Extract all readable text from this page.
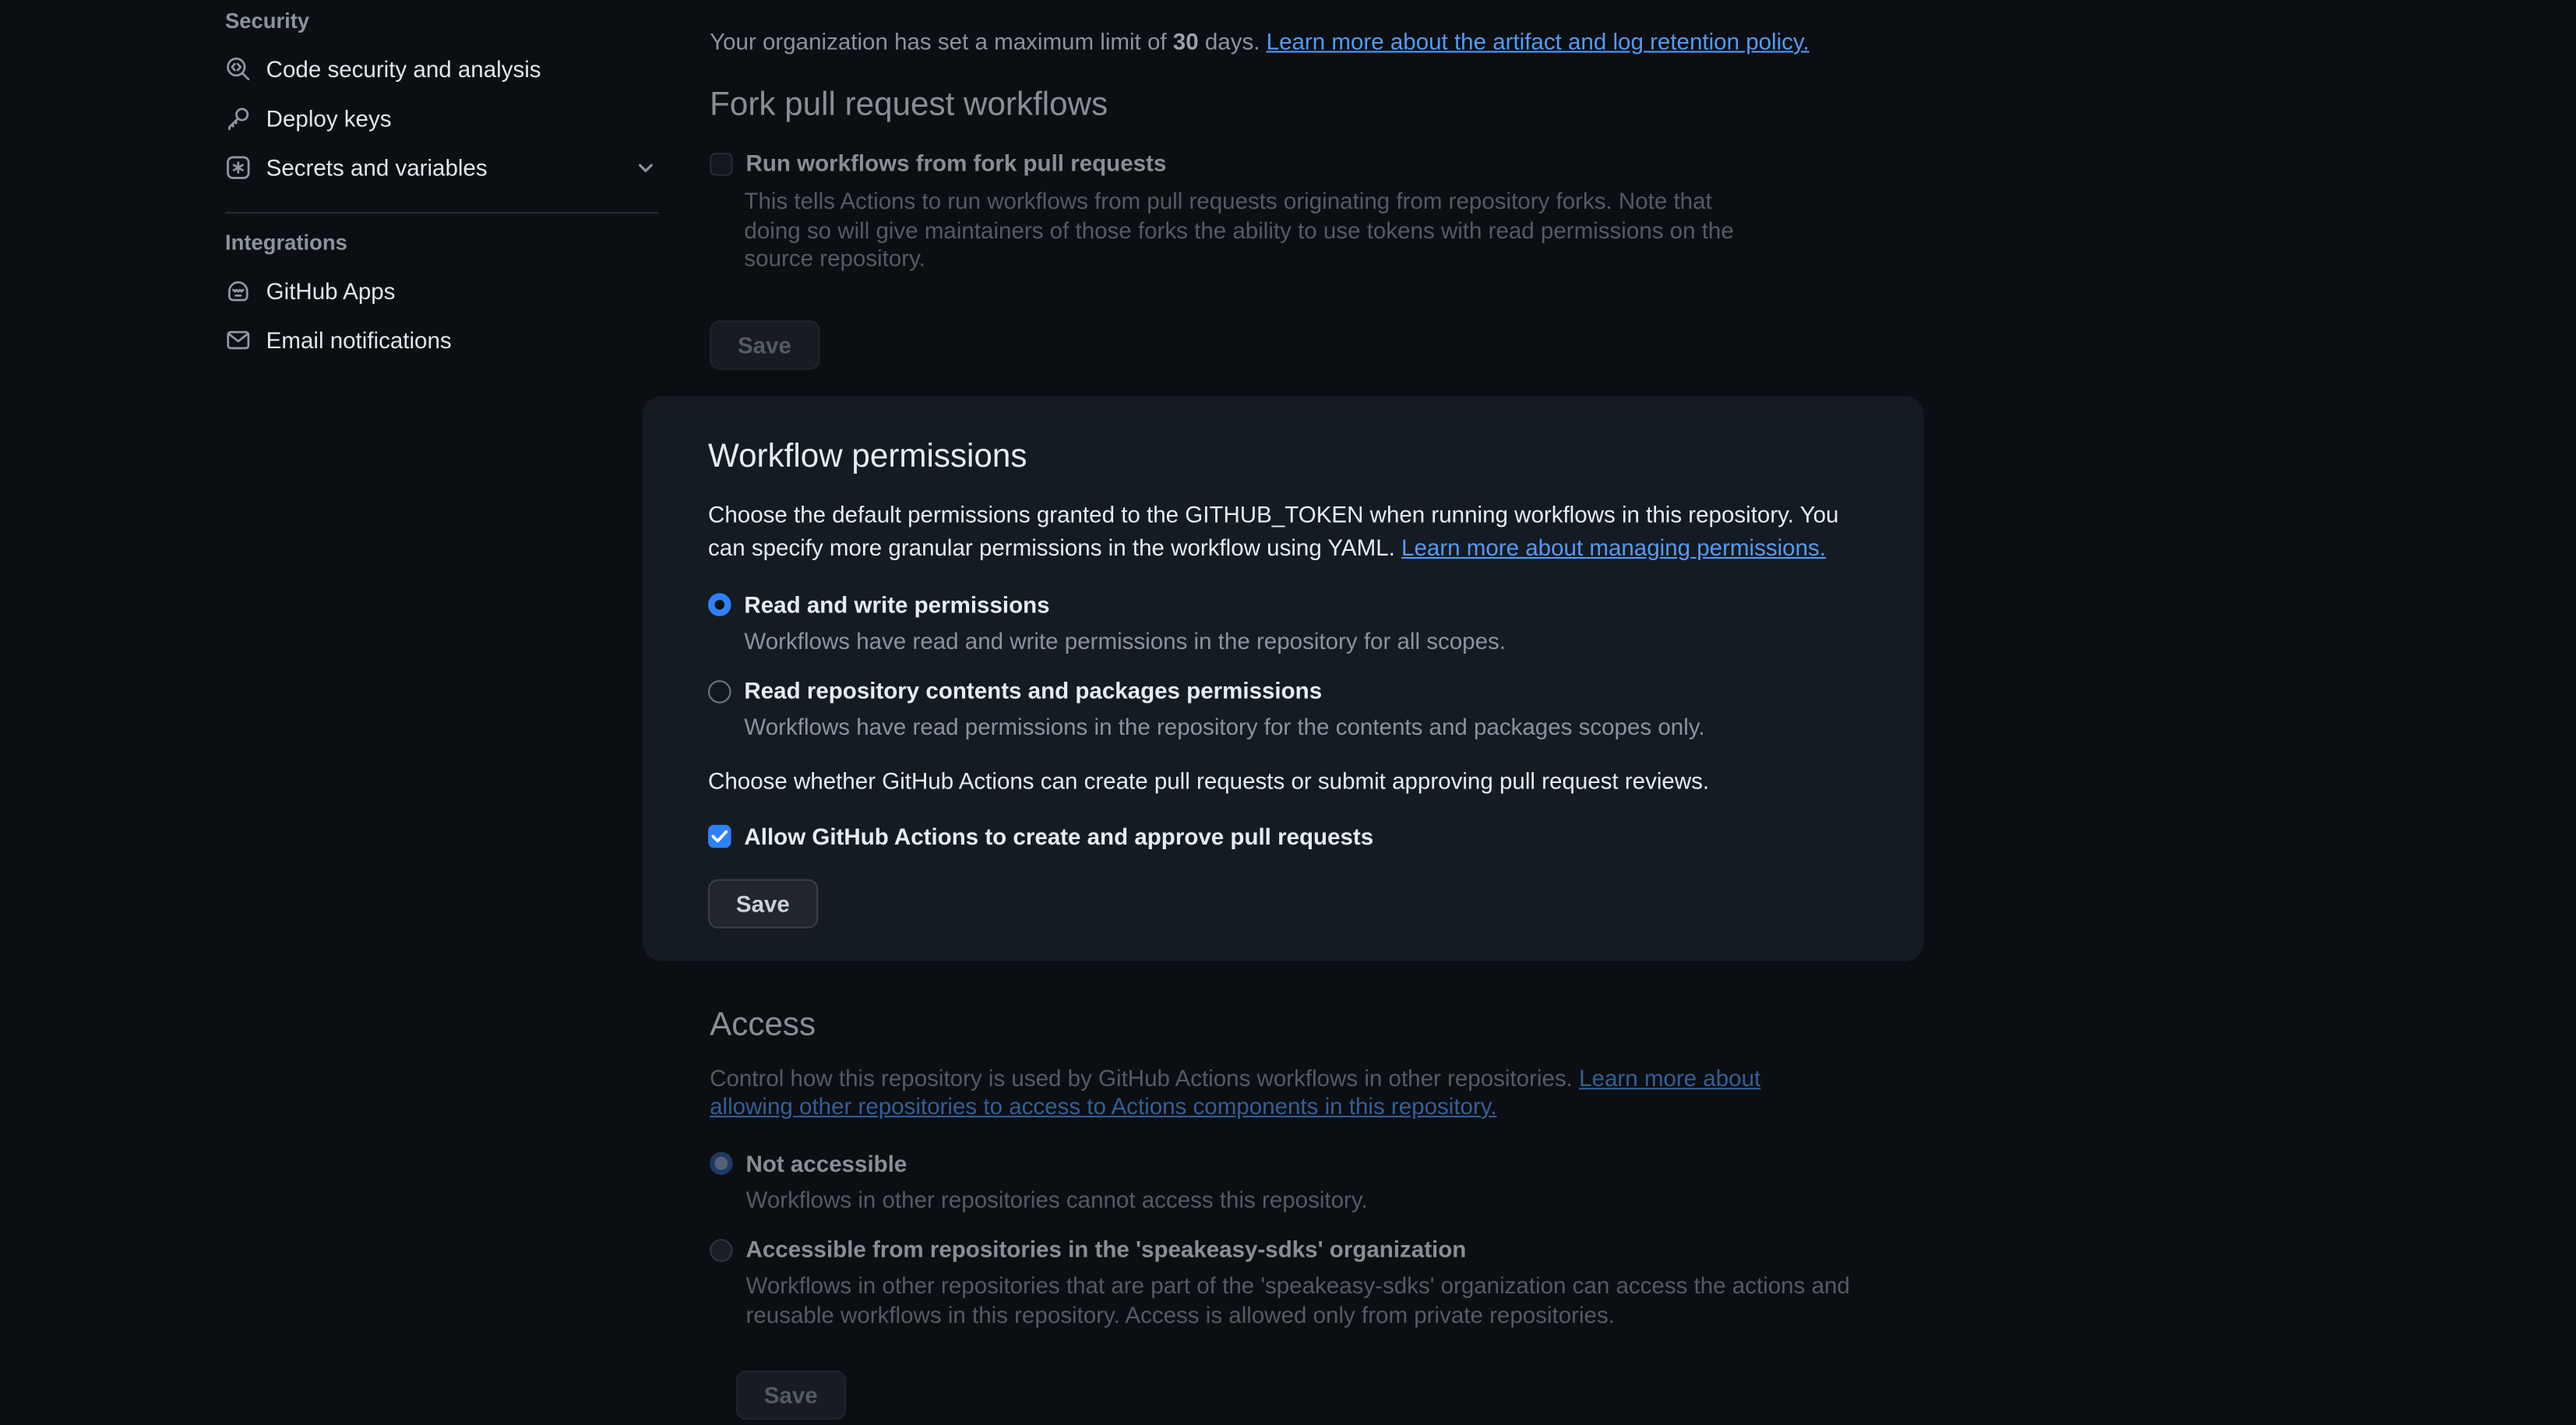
Security
Code security and analysis
Deploy keys
Secrets and variables
Integrations
GitHub Apps
Email notifications

Your organization has set a maximum limit of 30 days. Learn more about the artifact and log retention policy.

Fork pull request workflows
Run workflows from fork pull requests

This tells Actions to run workflows from pull requests originating from repository forks. Note that doing so will give maintainers of those forks the ability to use tokens with read permissions on the source repository.

Save
Workflow permissions

Choose the default permissions granted to the GITHUB_TOKEN when running workflows in this repository. You can specify more granular permissions in the workflow using YAML. Learn more about managing permissions.

Read and write permissions

Workflows have read and write permissions in the repository for all scopes.

Read repository contents and packages permissions

Workflows have read permissions in the repository for the contents and packages scopes only.

Choose whether GitHub Actions can create pull requests or submit approving pull request reviews.

Allow GitHub Actions to create and approve pull requests
Save
Access

Control how this repository is used by GitHub Actions workflows in other repositories. Learn more about allowing other repositories to access to Actions components in this repository.

Not accessible

Workflows in other repositories cannot access this repository.

Accessible from repositories in the 'speakeasy-sdks' organization

Workflows in other repositories that are part of the 'speakeasy-sdks' organization can access the actions and reusable workflows in this repository. Access is allowed only from private repositories.

Save
